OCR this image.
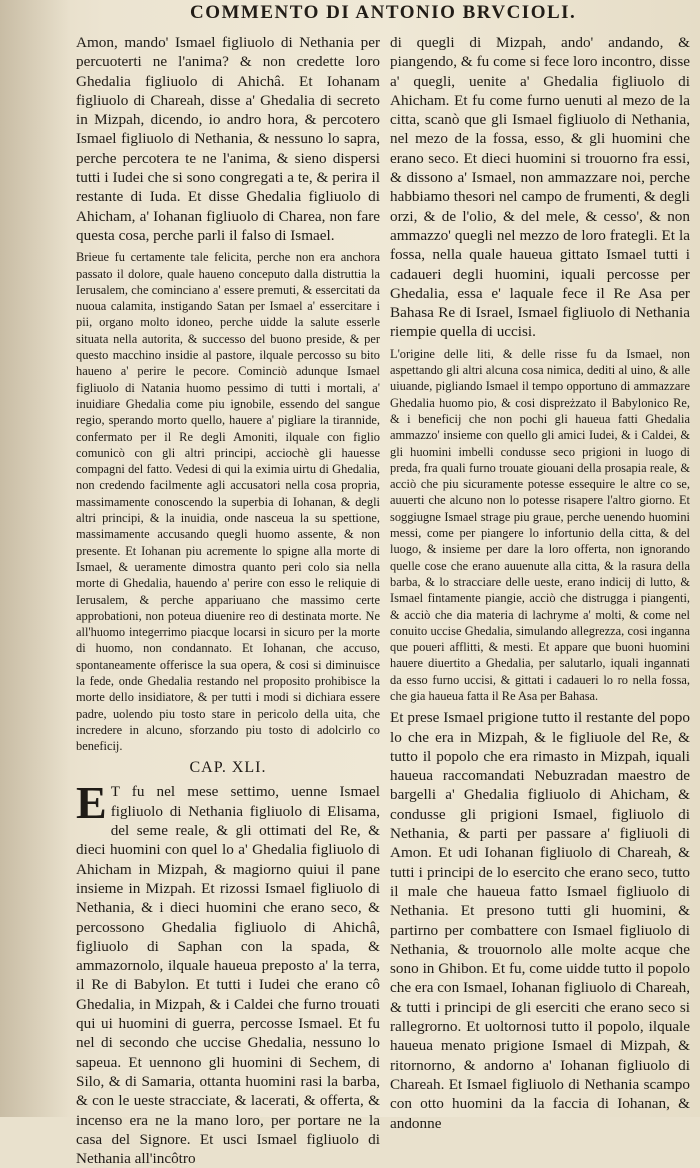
COMMENTO DI ANTONIO BRVCIOLI.

Amon, mando' Ismael figliuolo di Nethania per percuoterti ne l'anima? & non credette loro Ghedalia figliuolo di Ahichâ. Et Iohanam figliuolo di Chareah, disse a' Ghedalia di secreto in Mizpah, dicendo, io andro hora, & percotero Ismael figliuolo di Nethania, & nessuno lo sapra, perche percotera te ne l'anima, & sieno dispersi tutti i Iudei che si sono congregati a te, & perira il restante di Iuda. Et disse Ghedalia figliuolo di Ahicham, a' Iohanan figliuolo di Charea, non fare questa cosa, perche parli il falso di Ismael.

Brieue fu certamente tale felicita, perche non era anchora passato il dolore, quale haueno conceputo dalla distruttia la Ierusalem, che cominciano a' essere premuti, & essercitati da nuoua calamita, instigando Satan per Ismael a' essercitare i pii, organo molto idoneo, perche uidde la salute esserle situata nella autorita, & successo del buono preside, & per questo macchino insidie al pastore, ilquale percosso su bito haueno a' perire le pecore. Cominciò adunque Ismael figliuolo di Natania huomo pessimo di tutti i mortali, a' inuidiare Ghedalia come piu ignobile, essendo del sangue regio, sperando morto quello, hauere a' pigliare la tirannide, confermato per il Re degli Amoniti, ilquale con figlio comunicò con gli altri principi, acciochè gli hauesse compagni del fatto. Vedesi di qui la eximia uirtu di Ghedalia, non credendo facilmente agli accusatori nella cosa propria, massimamente conoscendo la superbia di Iohanan, & degli altri principi, & la inuidia, onde nasceua la su spettione, massimamente accusando quegli huomo assente, & non presente. Et Iohanan piu acremente lo spigne alla morte di Ismael, & ueramente dimostra quanto peri colo sia nella morte di Ghedalia, hauendo a' perire con esso le reliquie di Ierusalem, & perche appariuano che massimo certe approbationi, non poteua diuenire reo di destinata morte. Ne all'huomo integerrimo piacque locarsi in sicuro per la morte di huomo, non condannato. Et Iohanan, che accuso, spontaneamente offerisce la sua opera, & cosi si diminuisce la fede, onde Ghedalia restando nel proposito prohibisce la morte dello insidiatore, & per tutti i modi si dichiara essere padre, uolendo piu tosto stare in pericolo della uita, che incredere in alcuno, sforzando piu tosto di adolcirlo co beneficij.

CAP. XLI.
E T fu nel mese settimo, uenne Ismael figliuolo di Nethania figliuolo di Elisama, del seme reale, & gli ottimati del Re, & dieci huomini con quel lo a' Ghedalia figliuolo di Ahicham in Mizpah, & magiorno quiui il pane insieme in Mizpah. Et rizossi Ismael figliuolo di Nethania, & i dieci huomini che erano seco, & percossono Ghedalia figliuolo di Ahichâ, figliuolo di Saphan con la spada, & ammazornolo, ilquale haueua preposto a' la terra, il Re di Babylon. Et tutti i Iudei che erano cô Ghedalia, in Mizpah, & i Caldei che furno trouati qui ui huomini di guerra, percosse Ismael. Et fu nel di secondo che uccise Ghedalia, nessuno lo sapeua. Et uennono gli huomini di Sechem, di Silo, & di Samaria, ottanta huomini rasi la barba, & con le ueste stracciate, & lacerati, & offerta, & incenso era ne la mano loro, per portare ne la casa del Signore. Et usci Ismael figliuolo di Nethania all'incôtro

di quegli di Mizpah, ando' andando, & piangendo, & fu come si fece loro incontro, disse a' quegli, uenite a' Ghedalia figliuolo di Ahicham. Et fu come furno uenuti al mezo de la citta, scanò que gli Ismael figliuolo di Nethania, nel mezo de la fossa, esso, & gli huomini che erano seco. Et dieci huomini si trouorno fra essi, & dissono a' Ismael, non ammazzare noi, perche habbiamo thesori nel campo de frumenti, & degli orzi, & de l'olio, & del mele, & cesso', & non ammazzo' quegli nel mezzo de loro frategli. Et la fossa, nella quale haueua gittato Ismael tutti i cadaueri degli huomini, iquali percosse per Ghedalia, essa e' laquale fece il Re Asa per Bahasa Re di Israel, Ismael figliuolo di Nethania riempie quella di uccisi.

L'origine delle liti, & delle risse fu da Ismael, non aspettando gli altri alcuna cosa nimica, dediti al uino, & alle uiuande, pigliando Ismael il tempo opportuno di ammazzare Ghedalia huomo pio, & cosi dispreżzato il Babylonico Re, & i beneficij che non pochi gli haueua fatti Ghedalia ammazzo' insieme con quello gli amici Iudei, & i Caldei, & gli huomini imbelli condusse seco prigioni in luogo di preda, fra quali furno trouate giouani della prosapia reale, & acciò che piu sicuramente potesse essequire le altre co se, auuerti che alcuno non lo potesse risapere l'altro giorno. Et soggiugne Ismael strage piu graue, perche uenendo huomini messi, come per piangere lo infortunio della citta, & del luogo, & insieme per dare la loro offerta, non ignorando quelle cose che erano auuenute alla citta, & la rasura della barba, & lo stracciare delle ueste, erano indicij di lutto, & Ismael fintamente piangie, acciò che distrugga i piangenti, & acciò che dia materia di lachryme a' molti, & come nel conuito uccise Ghedalia, simulando allegrezza, cosi inganna que poueri afflitti, & mesti. Et appare que buoni huomini hauere diuertito a Ghedalia, per salutarlo, iquali ingannati da esso furno uccisi, & gittati i cadaueri lo ro nella fossa, che gia haueua fatta il Re Asa per Bahasa.

Et prese Ismael prigione tutto il restante del popo lo che era in Mizpah, & le figliuole del Re, & tutto il popolo che era rimasto in Mizpah, iquali haueua raccomandati Nebuzradan maestro de bargelli a' Ghedalia figliuolo di Ahicham, & condusse gli prigioni Ismael, figliuolo di Nethania, & parti per passare a' figliuoli di Amon. Et udi Iohanan figliuolo di Chareah, & tutti i principi de lo esercito che erano seco, tutto il male che haueua fatto Ismael figliuolo di Nethania. Et presono tutti gli huomini, & partirno per combattere con Ismael figliuolo di Nethania, & trouornolo alle molte acque che sono in Ghibon. Et fu, come uidde tutto il popolo che era con Ismael, Iohanan figliuolo di Chareah, & tutti i principi de gli eserciti che erano seco si rallegrorno. Et uoltornosi tutto il popolo, ilquale haueua menato prigione Ismael di Mizpah, & ritornorno, & andorno a' Iohanan figliuolo di Chareah. Et Ismael figliuolo di Nethania scampo con otto huomini da la faccia di Iohanan, & andonne
